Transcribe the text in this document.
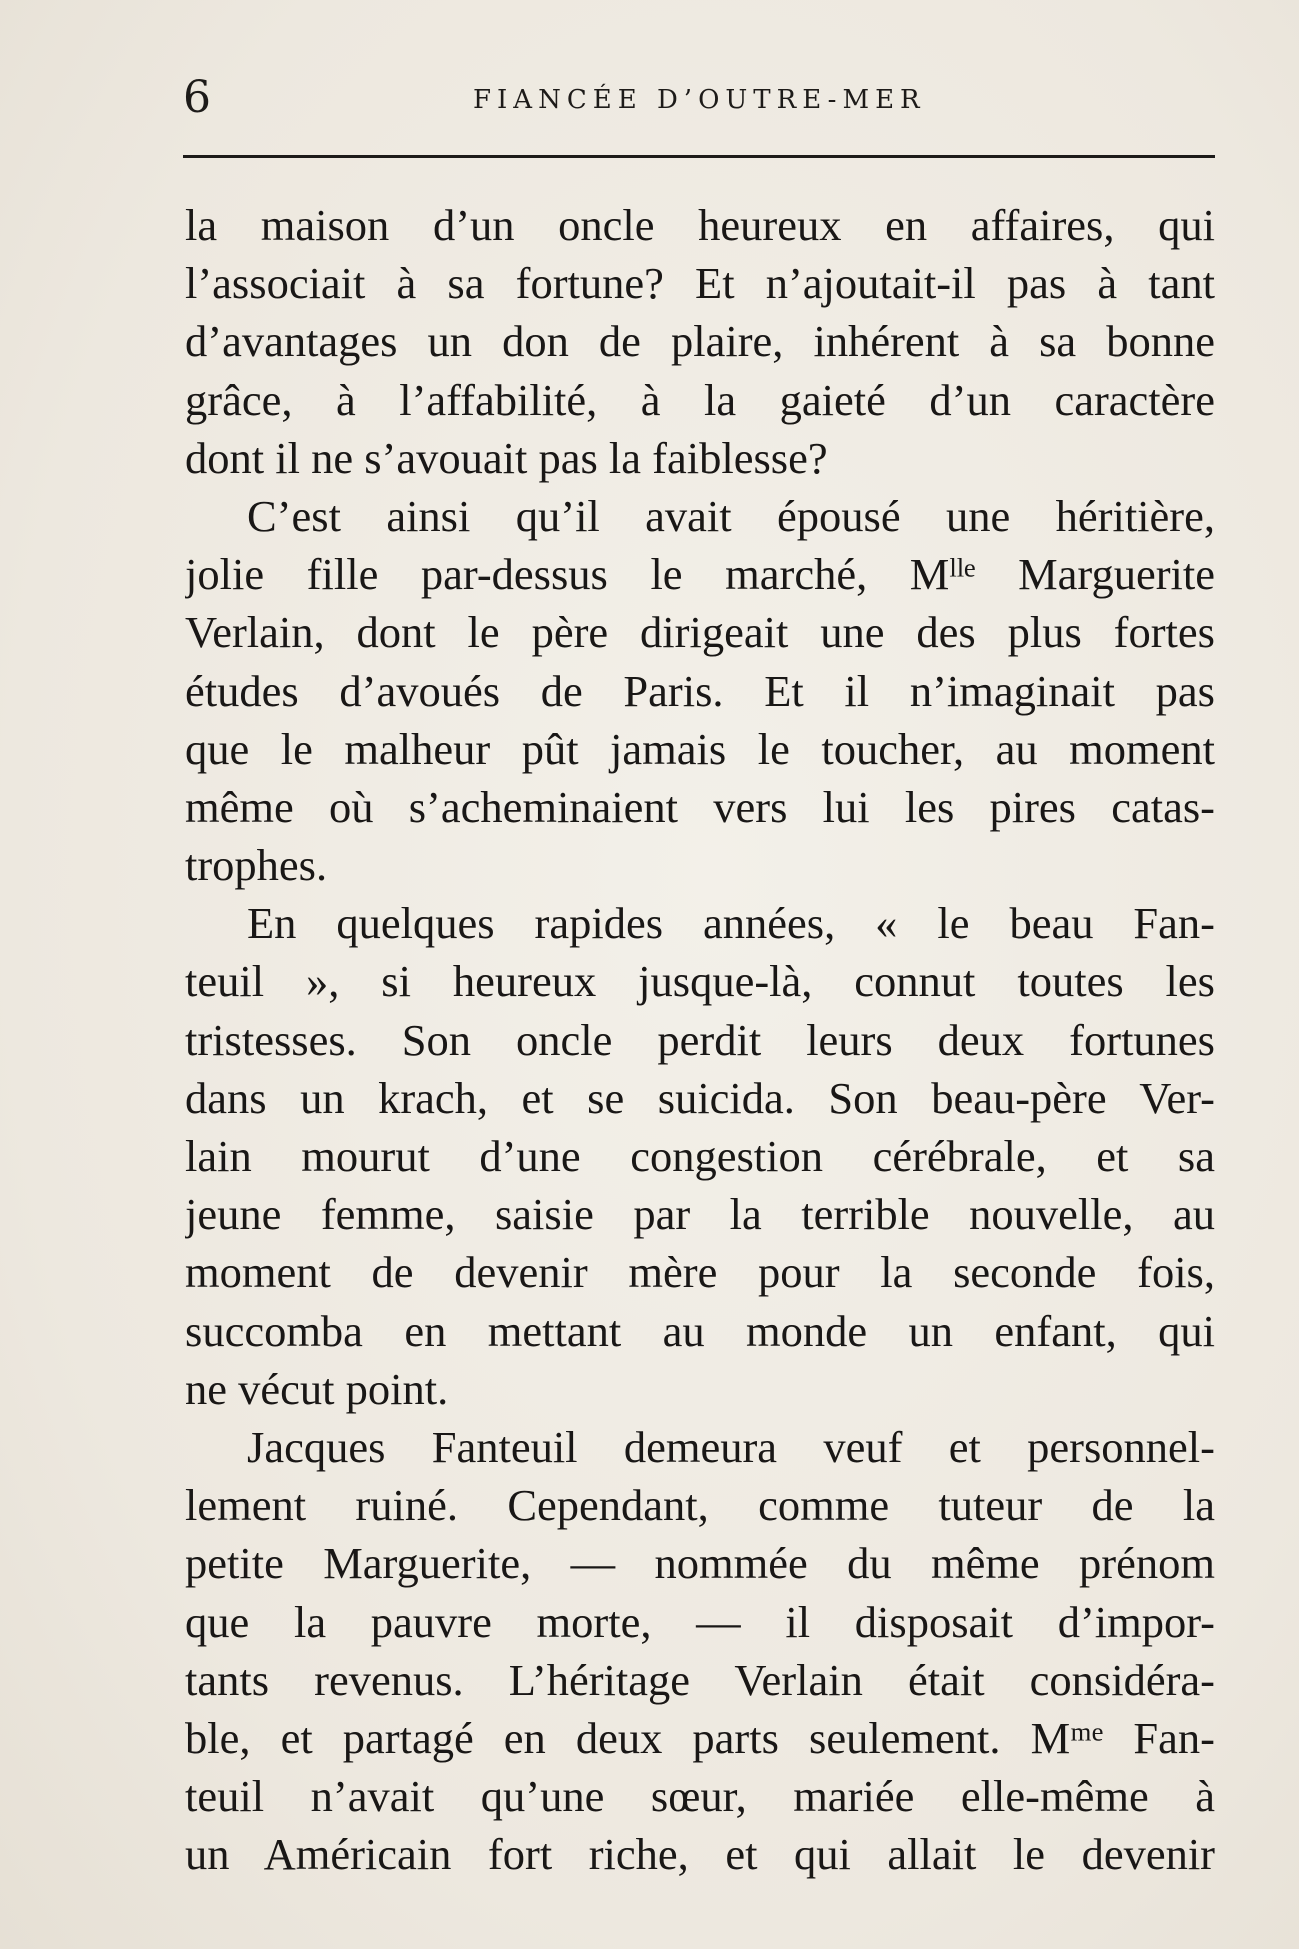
6	FIANCÉE D’OUTRE-MER
la maison d’un oncle heureux en affaires, qui
l’associait à sa fortune? Et n’ajoutait-il pas à tant
d’avantages un don de plaire, inhérent à sa bonne
grâce, à l’affabilité, à la gaieté d’un caractère
dont il ne s’avouait pas la faiblesse?
C’est ainsi qu’il avait épousé une héritière,
jolie fille par-dessus le marché, Mˡˡᵉ Marguerite
Verlain, dont le père dirigeait une des plus fortes
études d’avoués de Paris. Et il n’imaginait pas
que le malheur pût jamais le toucher, au moment
même où s’acheminaient vers lui les pires catas-
trophes.
En quelques rapides années, « le beau Fan-
teuil », si heureux jusque-là, connut toutes les
tristesses. Son oncle perdit leurs deux fortunes
dans un krach, et se suicida. Son beau-père Ver-
lain mourut d’une congestion cérébrale, et sa
jeune femme, saisie par la terrible nouvelle, au
moment de devenir mère pour la seconde fois,
succomba en mettant au monde un enfant, qui
ne vécut point.
Jacques Fanteuil demeura veuf et personnel-
lement ruiné. Cependant, comme tuteur de la
petite Marguerite, — nommée du même prénom
que la pauvre morte, — il disposait d’impor-
tants revenus. L’héritage Verlain était considéra-
ble, et partagé en deux parts seulement. Mᵐᵉ Fan-
teuil n’avait qu’une sœur, mariée elle-même à
un Américain fort riche, et qui allait le devenir
